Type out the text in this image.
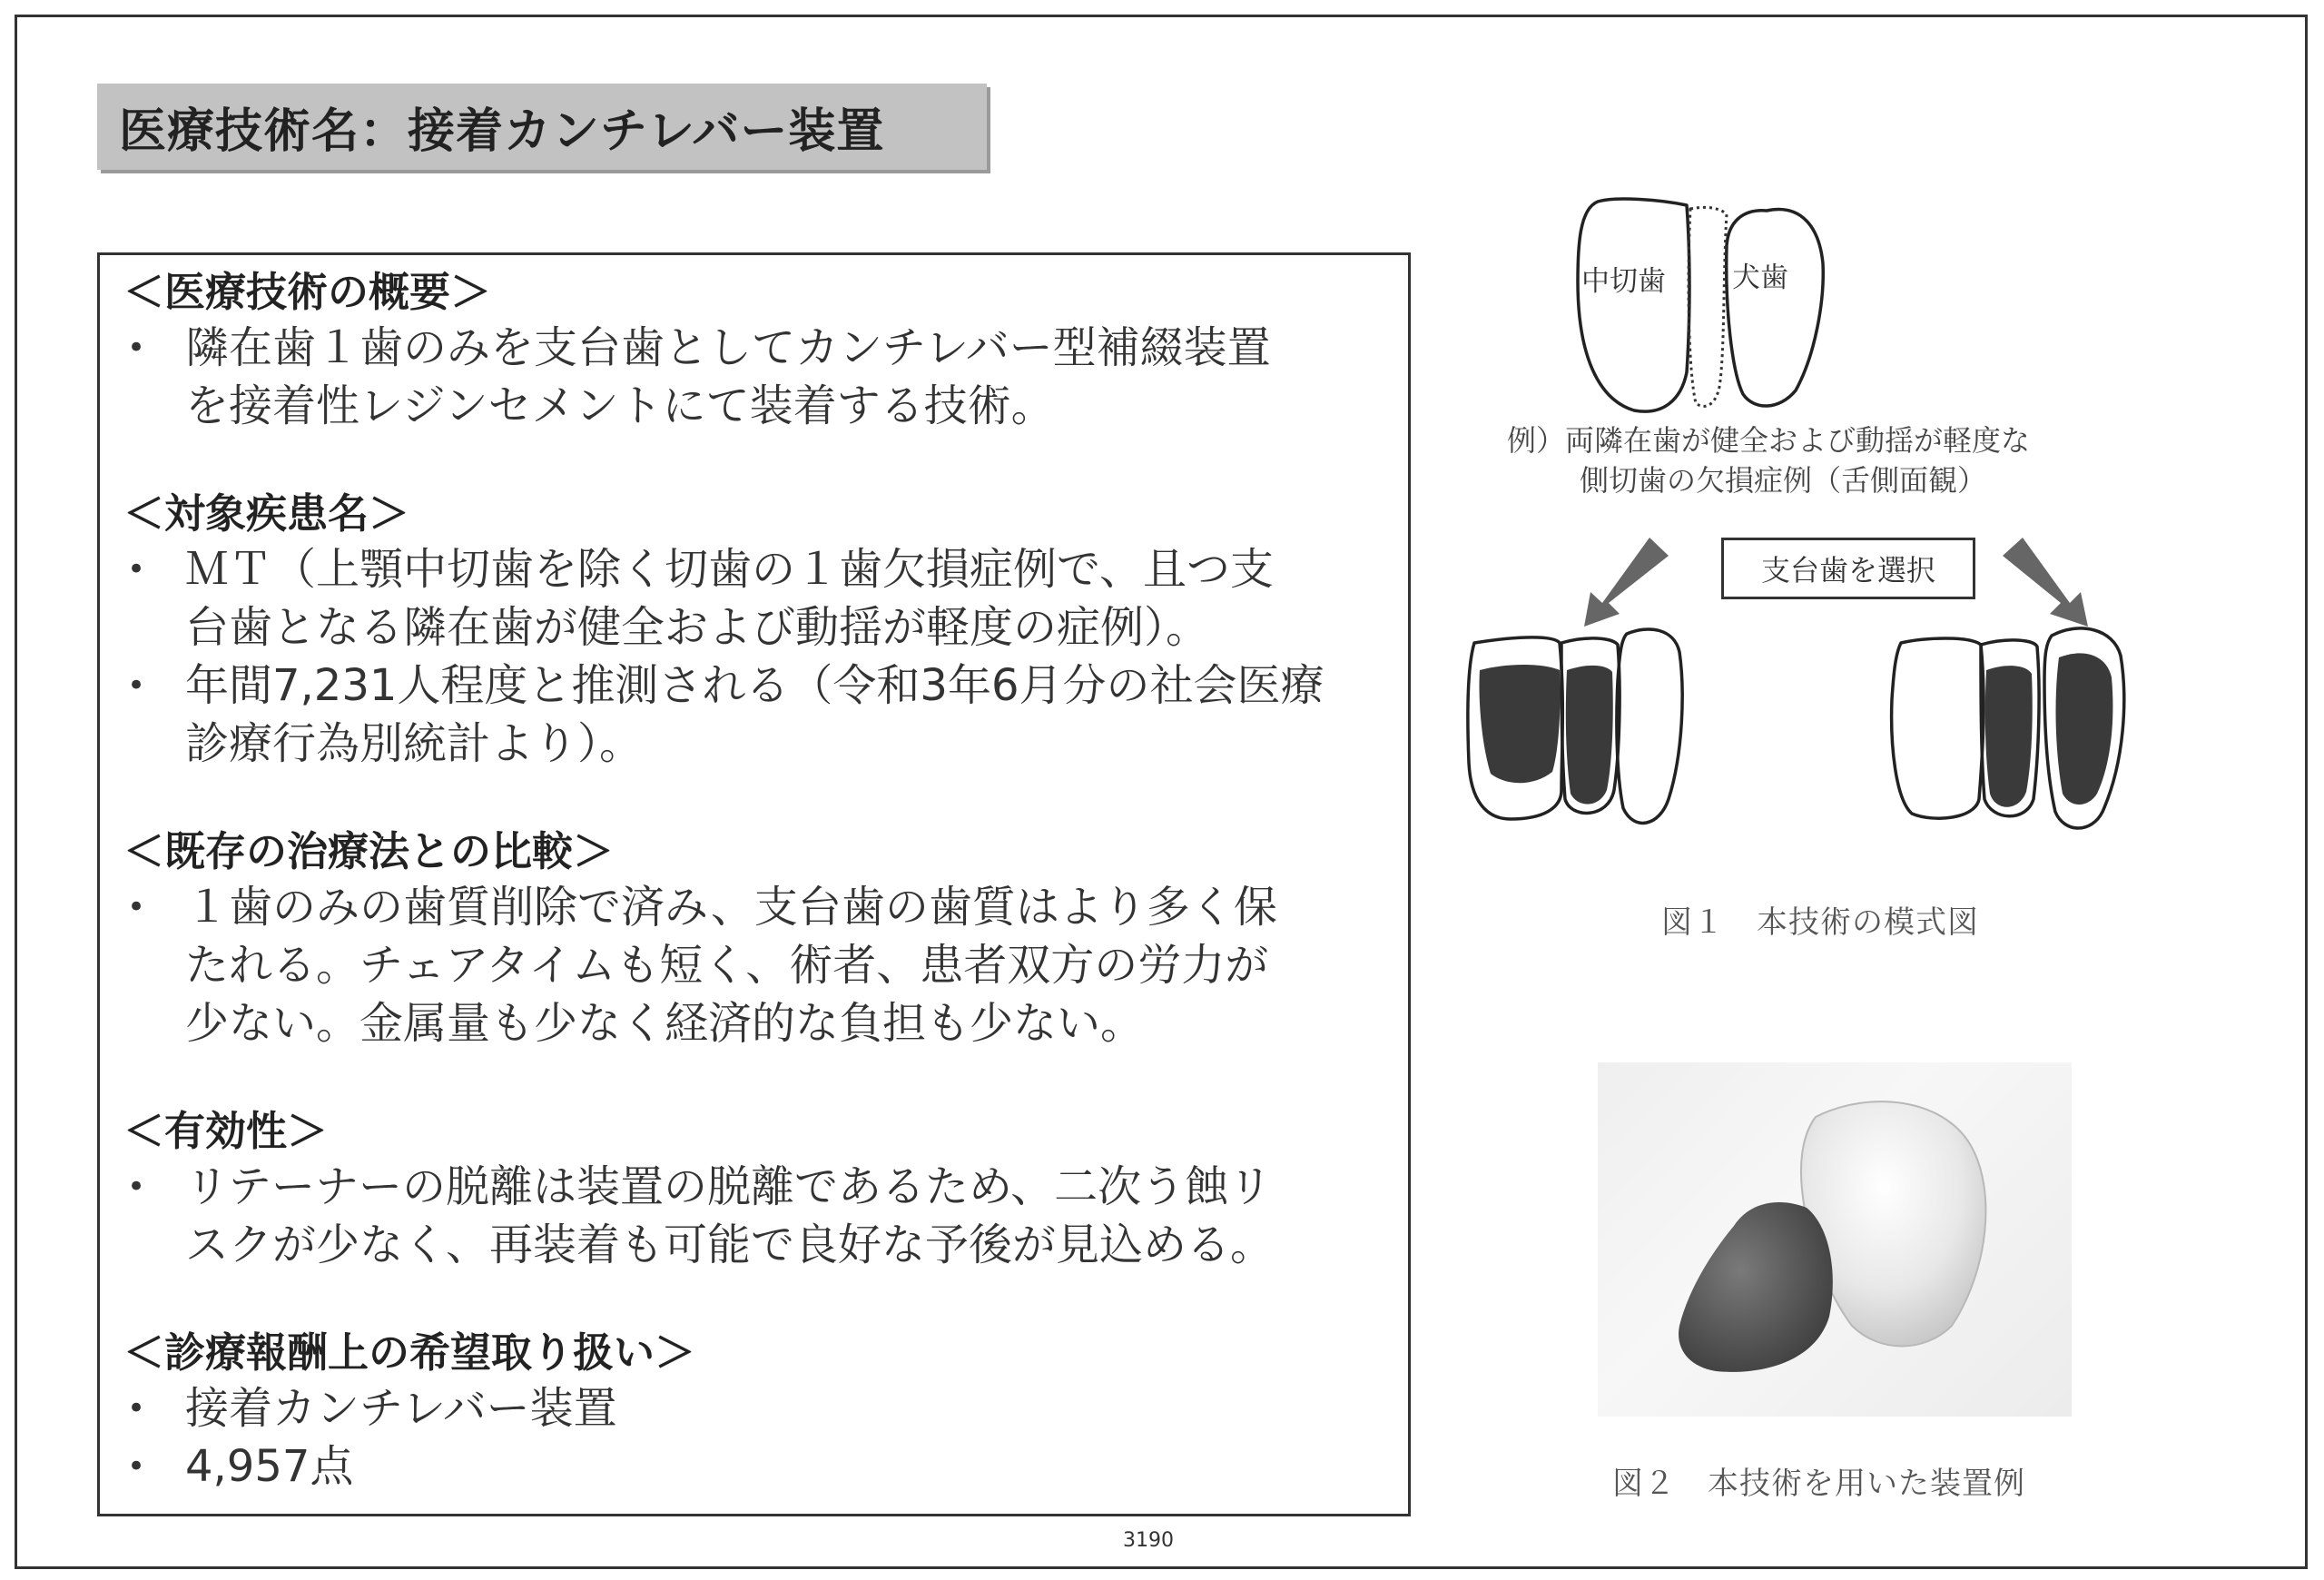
医療技術名：接着カンチレバー装置
＜医療技術の概要＞
• 隣在歯１歯のみを支台歯としてカンチレバー型補綴装置
を接着性レジンセメントにて装着する技術。
＜対象疾患名＞
• ＭＴ（上顎中切歯を除く切歯の１歯欠損症例で、且つ支
台歯となる隣在歯が健全および動揺が軽度の症例）。
• 年間7,231人程度と推測される（令和3年6月分の社会医療
診療行為別統計より）。
＜既存の治療法との比較＞
• １歯のみの歯質削除で済み、支台歯の歯質はより多く保
たれる。チェアタイムも短く、術者、患者双方の労力が
少ない。金属量も少なく経済的な負担も少ない。
＜有効性＞
• リテーナーの脱離は装置の脱離であるため、二次う蝕リ
スクが少なく、再装着も可能で良好な予後が見込める。
＜診療報酬上の希望取り扱い＞
• 接着カンチレバー装置
• 4,957点
中切歯 犬歯
例）両隣在歯が健全および動揺が軽度な
側切歯の欠損症例（舌側面観）
支台歯を選択
図１　本技術の模式図
図２　本技術を用いた装置例
3190
